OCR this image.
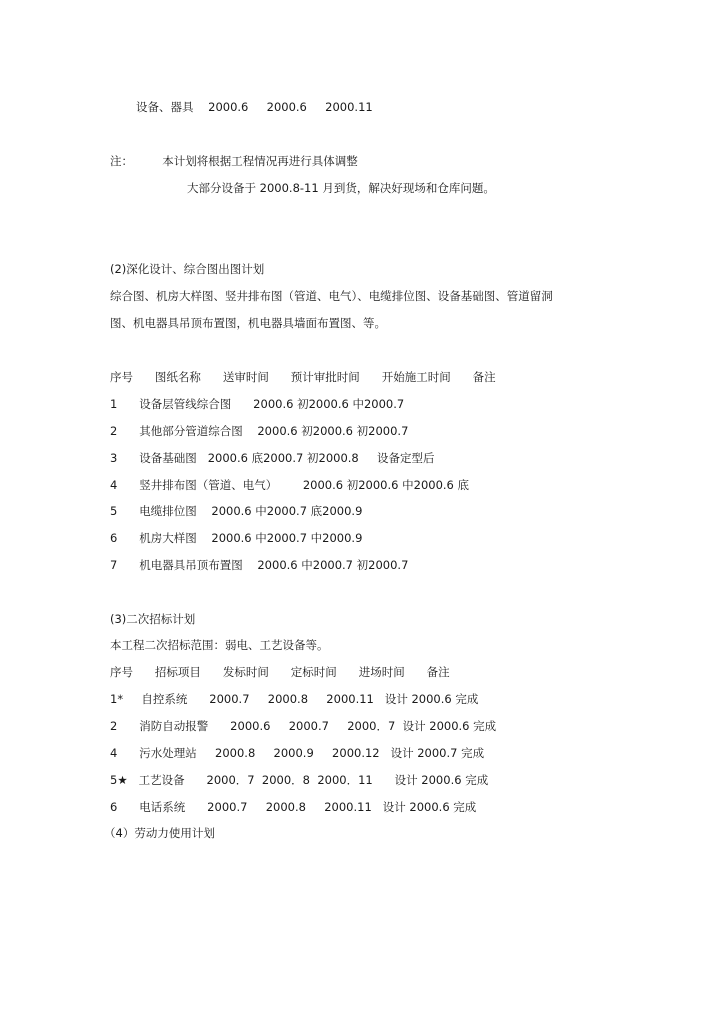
设备、器具    2000.6     2000.6     2000.11
注：        本计划将根据工程情况再进行具体调整
大部分设备于 2000.8-11 月到货，解决好现场和仓库问题。
(2)深化设计、综合图出图计划
综合图、机房大样图、竖井排布图（管道、电气）、电缆排位图、设备基础图、管道留洞
图、机电器具吊顶布置图，机电器具墙面布置图、等。
序号      图纸名称      送审时间      预计审批时间      开始施工时间      备注
1      设备层管线综合图      2000.6 初2000.6 中2000.7
2      其他部分管道综合图    2000.6 初2000.6 初2000.7
3      设备基础图   2000.6 底2000.7 初2000.8     设备定型后
4      竖井排布图（管道、电气）       2000.6 初2000.6 中2000.6 底
5      电缆排位图    2000.6 中2000.7 底2000.9
6      机房大样图    2000.6 中2000.7 中2000.9
7      机电器具吊顶布置图    2000.6 中2000.7 初2000.7
(3)二次招标计划
本工程二次招标范围：弱电、工艺设备等。
序号      招标项目      发标时间      定标时间      进场时间      备注
1*     自控系统      2000.7     2000.8     2000.11   设计 2000.6 完成
2      消防自动报警      2000.6     2000.7     2000．7  设计 2000.6 完成
4      污水处理站     2000.8     2000.9     2000.12   设计 2000.7 完成
5★   工艺设备      2000．7  2000．8  2000．11      设计 2000.6 完成
6      电话系统      2000.7     2000.8     2000.11   设计 2000.6 完成
（4）劳动力使用计划
